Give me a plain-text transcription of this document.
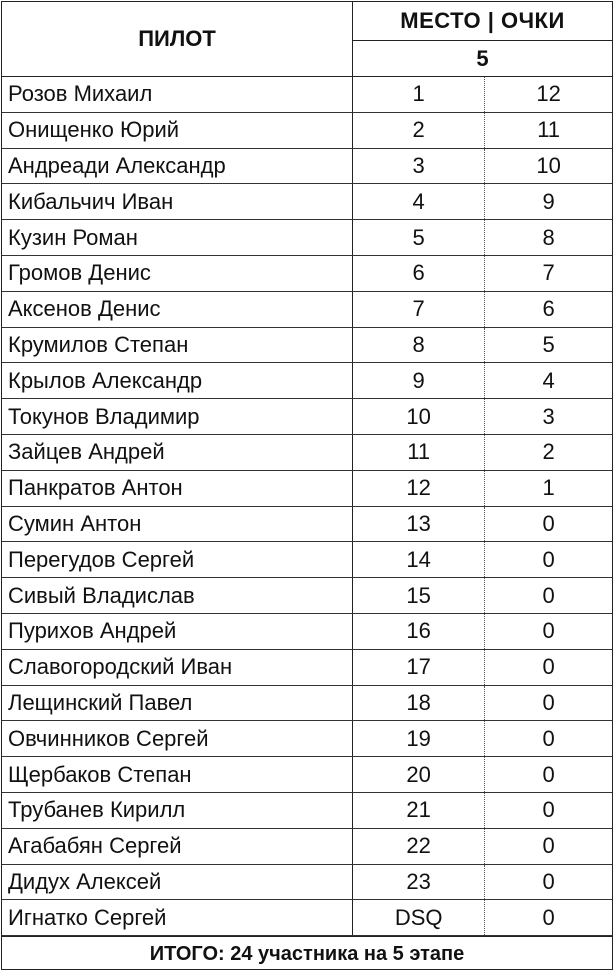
ПИЛОТ	МЕСТО | ОЧКИ	
	5	
Розов Михаил	1	12
Онищенко Юрий	2	11
Андреади Александр	3	10
Кибальчич Иван	4	9
Кузин Роман	5	8
Громов Денис	6	7
Аксенов Денис	7	6
Крумилов Степан	8	5
Крылов Александр	9	4
Токунов Владимир	10	3
Зайцев Андрей	11	2
Панкратов Антон	12	1
Сумин Антон	13	0
Перегудов Сергей	14	0
Сивый Владислав	15	0
Пурихов Андрей	16	0
Славогородский Иван	17	0
Лещинский Павел	18	0
Овчинников Сергей	19	0
Щербаков Степан	20	0
Трубанев Кирилл	21	0
Агабабян Сергей	22	0
Дидух Алексей	23	0
Игнатко Сергей	DSQ	0
ИТОГО: 24 участника на 5 этапе
